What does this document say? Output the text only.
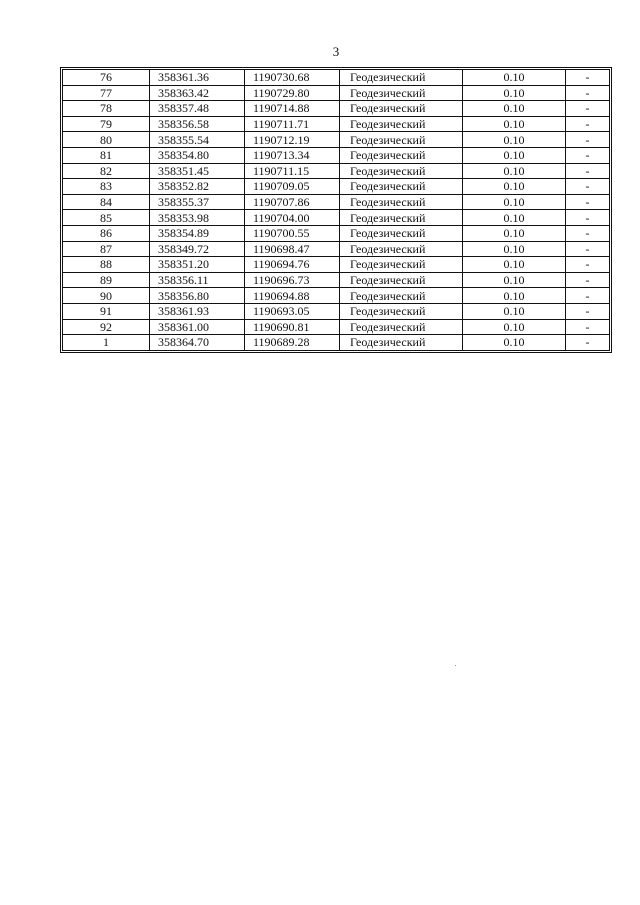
3
76	358361.36	1190730.68	Геодезический	0.10	-
77	358363.42	1190729.80	Геодезический	0.10	-
78	358357.48	1190714.88	Геодезический	0.10	-
79	358356.58	1190711.71	Геодезический	0.10	-
80	358355.54	1190712.19	Геодезический	0.10	-
81	358354.80	1190713.34	Геодезический	0.10	-
82	358351.45	1190711.15	Геодезический	0.10	-
83	358352.82	1190709.05	Геодезический	0.10	-
84	358355.37	1190707.86	Геодезический	0.10	-
85	358353.98	1190704.00	Геодезический	0.10	-
86	358354.89	1190700.55	Геодезический	0.10	-
87	358349.72	1190698.47	Геодезический	0.10	-
88	358351.20	1190694.76	Геодезический	0.10	-
89	358356.11	1190696.73	Геодезический	0.10	-
90	358356.80	1190694.88	Геодезический	0.10	-
91	358361.93	1190693.05	Геодезический	0.10	-
92	358361.00	1190690.81	Геодезический	0.10	-
1	358364.70	1190689.28	Геодезический	0.10	-
